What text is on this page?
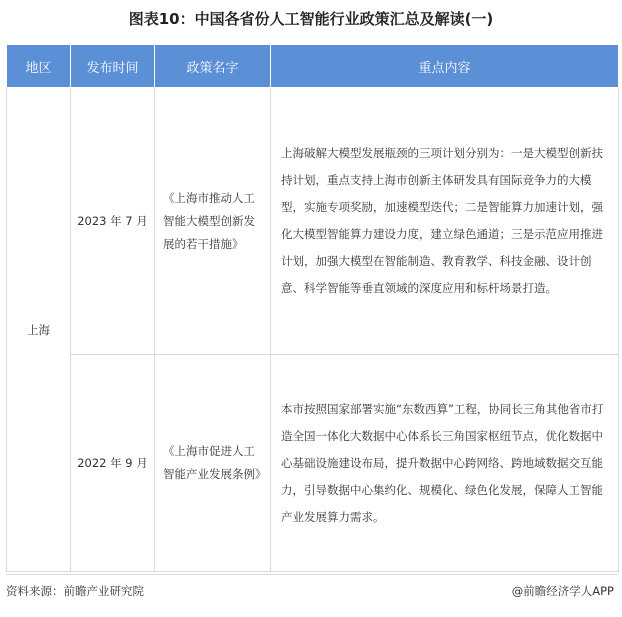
图表10：中国各省份人工智能行业政策汇总及解读(一)
地区	发布时间	政策名字	重点内容
上海	2023 年 7 月	《上海市推动人工智能大模型创新发展的若干措施》	上海破解大模型发展瓶颈的三项计划分别为：一是大模型创新扶持计划，重点支持上海市创新主体研发具有国际竞争力的大模型，实施专项奖励，加速模型迭代；二是智能算力加速计划，强化大模型智能算力建设力度，建立绿色通道；三是示范应用推进计划，加强大模型在智能制造、教育教学、科技金融、设计创意、科学智能等垂直领域的深度应用和标杆场景打造。
	2022 年 9 月	《上海市促进人工智能产业发展条例》	本市按照国家部署实施“东数西算”工程，协同长三角其他省市打造全国一体化大数据中心体系长三角国家枢纽节点，优化数据中心基础设施建设布局，提升数据中心跨网络、跨地域数据交互能力，引导数据中心集约化、规模化、绿色化发展，保障人工智能产业发展算力需求。
资料来源：前瞻产业研究院	@前瞻经济学人APP
